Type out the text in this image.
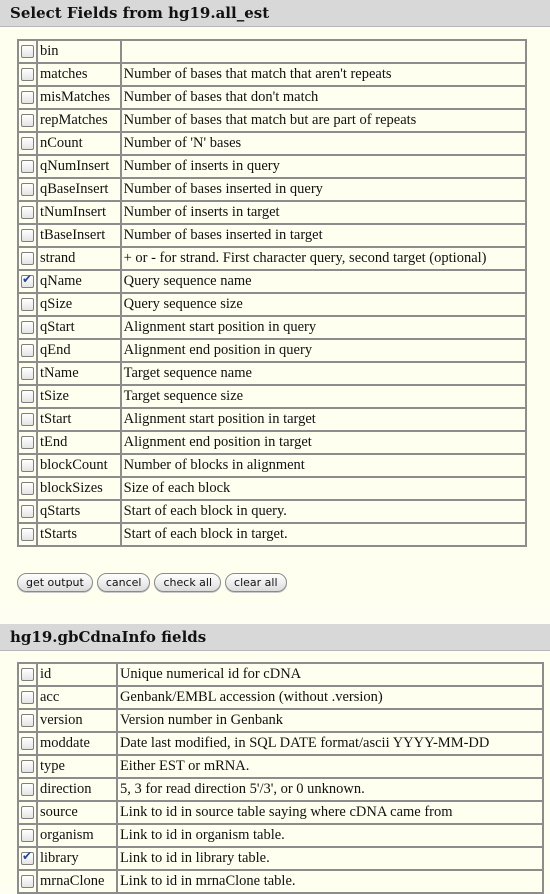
Select Fields from hg19.all_est
	bin	
	matches	Number of bases that match that aren't repeats
	misMatches	Number of bases that don't match
	repMatches	Number of bases that match but are part of repeats
	nCount	Number of 'N' bases
	qNumInsert	Number of inserts in query
	qBaseInsert	Number of bases inserted in query
	tNumInsert	Number of inserts in target
	tBaseInsert	Number of bases inserted in target
	strand	+ or - for strand. First character query, second target (optional)
✔	qName	Query sequence name
	qSize	Query sequence size
	qStart	Alignment start position in query
	qEnd	Alignment end position in query
	tName	Target sequence name
	tSize	Target sequence size
	tStart	Alignment start position in target
	tEnd	Alignment end position in target
	blockCount	Number of blocks in alignment
	blockSizes	Size of each block
	qStarts	Start of each block in query.
	tStarts	Start of each block in target.
get output cancel check all clear all
hg19.gbCdnaInfo fields
	id	Unique numerical id for cDNA
	acc	Genbank/EMBL accession (without .version)
	version	Version number in Genbank
	moddate	Date last modified, in SQL DATE format/ascii YYYY-MM-DD
	type	Either EST or mRNA.
	direction	5, 3 for read direction 5'/3', or 0 unknown.
	source	Link to id in source table saying where cDNA came from
	organism	Link to id in organism table.
✔	library	Link to id in library table.
	mrnaClone	Link to id in mrnaClone table.
